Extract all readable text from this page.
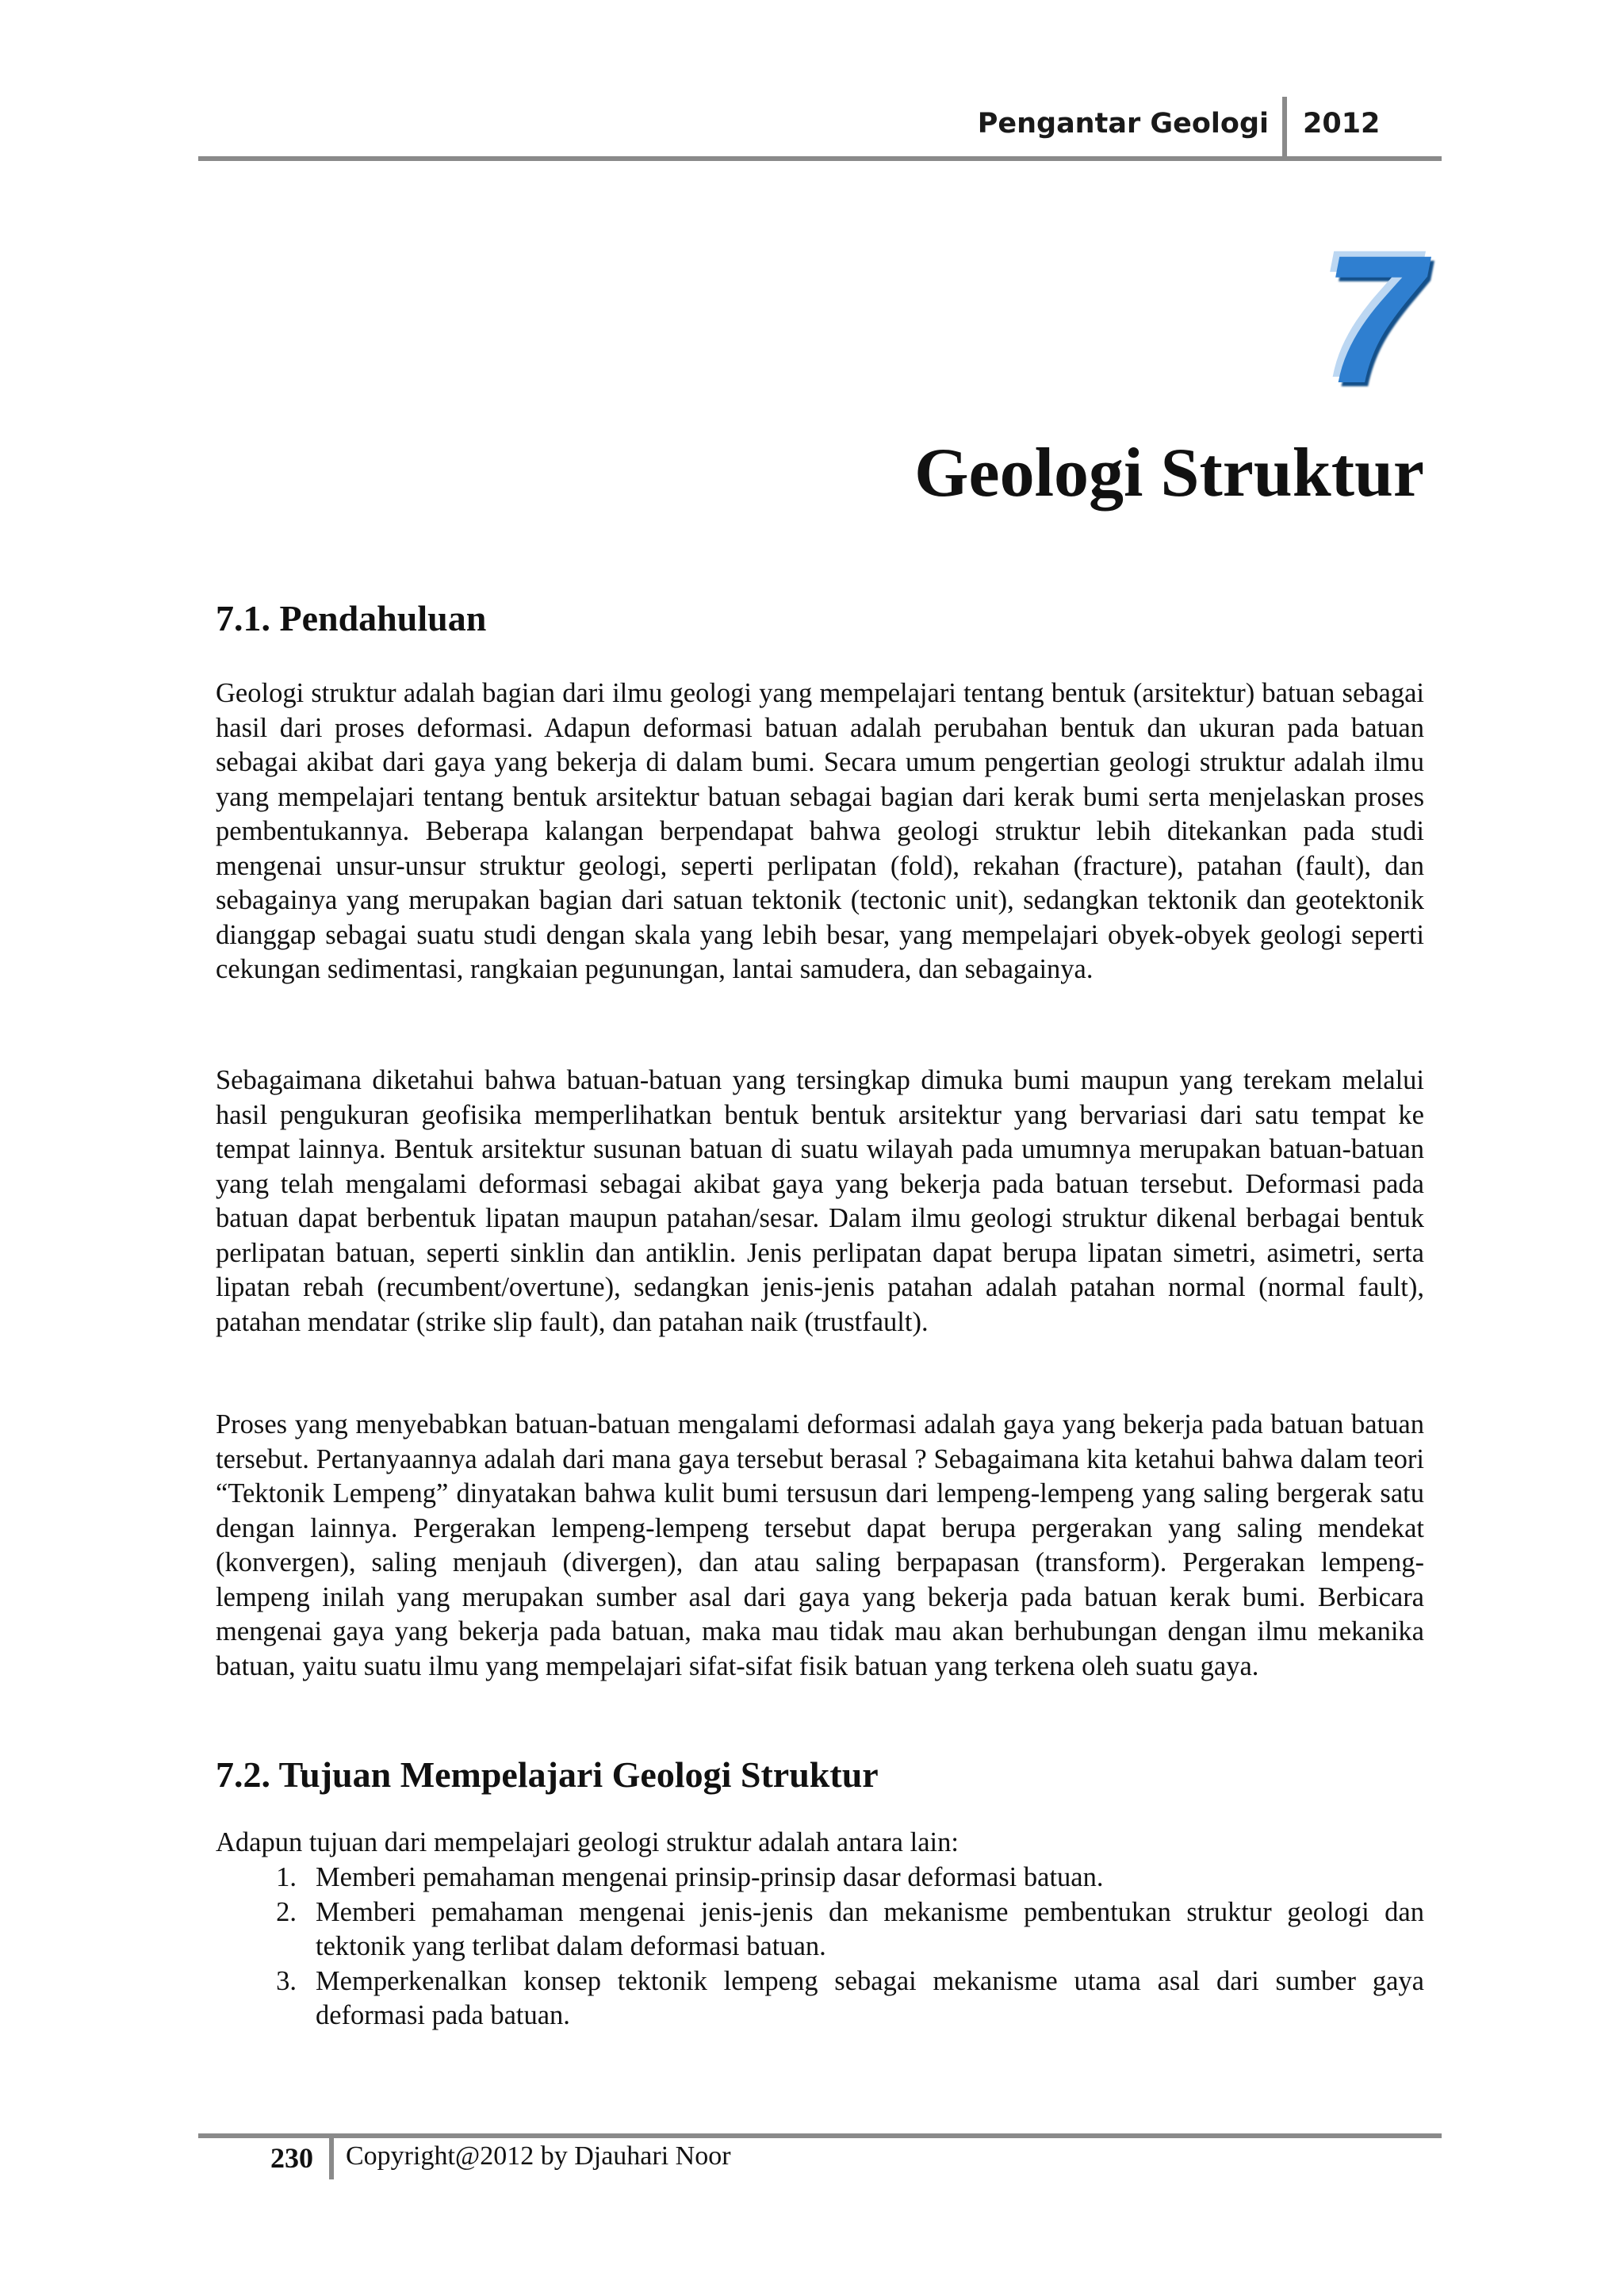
Pengantar Geologi 2012
7
Geologi Struktur
7.1. Pendahuluan

Geologi struktur adalah bagian dari ilmu geologi yang mempelajari tentang bentuk (arsitektur) batuan sebagai hasil dari proses deformasi. Adapun deformasi batuan adalah perubahan bentuk dan ukuran pada batuan sebagai akibat dari gaya yang bekerja di dalam bumi. Secara umum pengertian geologi struktur adalah ilmu yang mempelajari tentang bentuk arsitektur batuan sebagai bagian dari kerak bumi serta menjelaskan proses pembentukannya. Beberapa kalangan berpendapat bahwa geologi struktur lebih ditekankan pada studi mengenai unsur-unsur struktur geologi, seperti perlipatan (fold), rekahan (fracture), patahan (fault), dan sebagainya yang merupakan bagian dari satuan tektonik (tectonic unit), sedangkan tektonik dan geotektonik dianggap sebagai suatu studi dengan skala yang lebih besar, yang mempelajari obyek-obyek geologi seperti cekungan sedimentasi, rangkaian pegunungan, lantai samudera, dan sebagainya.

Sebagaimana diketahui bahwa batuan-batuan yang tersingkap dimuka bumi maupun yang terekam melalui hasil pengukuran geofisika memperlihatkan bentuk bentuk arsitektur yang bervariasi dari satu tempat ke tempat lainnya. Bentuk arsitektur susunan batuan di suatu wilayah pada umumnya merupakan batuan-batuan yang telah mengalami deformasi sebagai akibat gaya yang bekerja pada batuan tersebut. Deformasi pada batuan dapat berbentuk lipatan maupun patahan/sesar. Dalam ilmu geologi struktur dikenal berbagai bentuk perlipatan batuan, seperti sinklin dan antiklin. Jenis perlipatan dapat berupa lipatan simetri, asimetri, serta lipatan rebah (recumbent/overtune), sedangkan jenis-jenis patahan adalah patahan normal (normal fault), patahan mendatar (strike slip fault), dan patahan naik (trustfault).

Proses yang menyebabkan batuan-batuan mengalami deformasi adalah gaya yang bekerja pada batuan batuan tersebut. Pertanyaannya adalah dari mana gaya tersebut berasal ? Sebagaimana kita ketahui bahwa dalam teori “Tektonik Lempeng” dinyatakan bahwa kulit bumi tersusun dari lempeng-lempeng yang saling bergerak satu dengan lainnya. Pergerakan lempeng-lempeng tersebut dapat berupa pergerakan yang saling mendekat (konvergen), saling menjauh (divergen), dan atau saling berpapasan (transform). Pergerakan lempeng-lempeng inilah yang merupakan sumber asal dari gaya yang bekerja pada batuan kerak bumi. Berbicara mengenai gaya yang bekerja pada batuan, maka mau tidak mau akan berhubungan dengan ilmu mekanika batuan, yaitu suatu ilmu yang mempelajari sifat-sifat fisik batuan yang terkena oleh suatu gaya.

7.2. Tujuan Mempelajari Geologi Struktur
Adapun tujuan dari mempelajari geologi struktur adalah antara lain:
1. Memberi pemahaman mengenai prinsip-prinsip dasar deformasi batuan.
2. Memberi pemahaman mengenai jenis-jenis dan mekanisme pembentukan struktur geologi dan tektonik yang terlibat dalam deformasi batuan.
3. Memperkenalkan konsep tektonik lempeng sebagai mekanisme utama asal dari sumber gaya deformasi pada batuan.
230 Copyright@2012 by Djauhari Noor
